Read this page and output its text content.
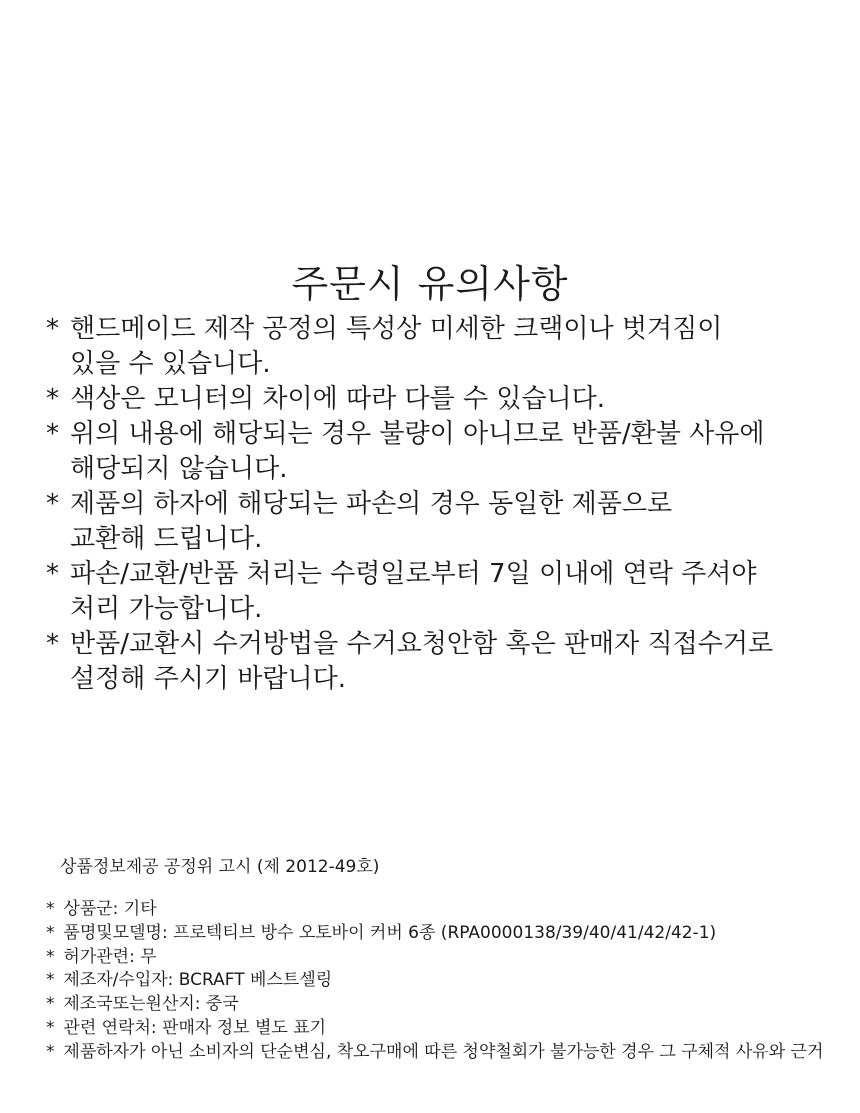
주문시 유의사항
* 핸드메이드 제작 공정의 특성상 미세한 크랙이나 벗겨짐이
있을 수 있습니다.
* 색상은 모니터의 차이에 따라 다를 수 있습니다.
* 위의 내용에 해당되는 경우 불량이 아니므로 반품/환불 사유에
해당되지 않습니다.
* 제품의 하자에 해당되는 파손의 경우 동일한 제품으로
교환해 드립니다.
* 파손/교환/반품 처리는 수령일로부터 7일 이내에 연락 주셔야
처리 가능합니다.
* 반품/교환시 수거방법을 수거요청안함 혹은 판매자 직접수거로
설정해 주시기 바랍니다.
상품정보제공 공정위 고시 (제 2012-49호)
* 상품군: 기타
* 품명및모델명: 프로텍티브 방수 오토바이 커버 6종 (RPA0000138/39/40/41/42/42-1)
* 허가관련: 무
* 제조자/수입자: BCRAFT 베스트셀링
* 제조국또는원산지: 중국
* 관련 연락처: 판매자 정보 별도 표기
* 제품하자가 아닌 소비자의 단순변심, 착오구매에 따른 청약철회가 불가능한 경우 그 구체적 사유와 근거
